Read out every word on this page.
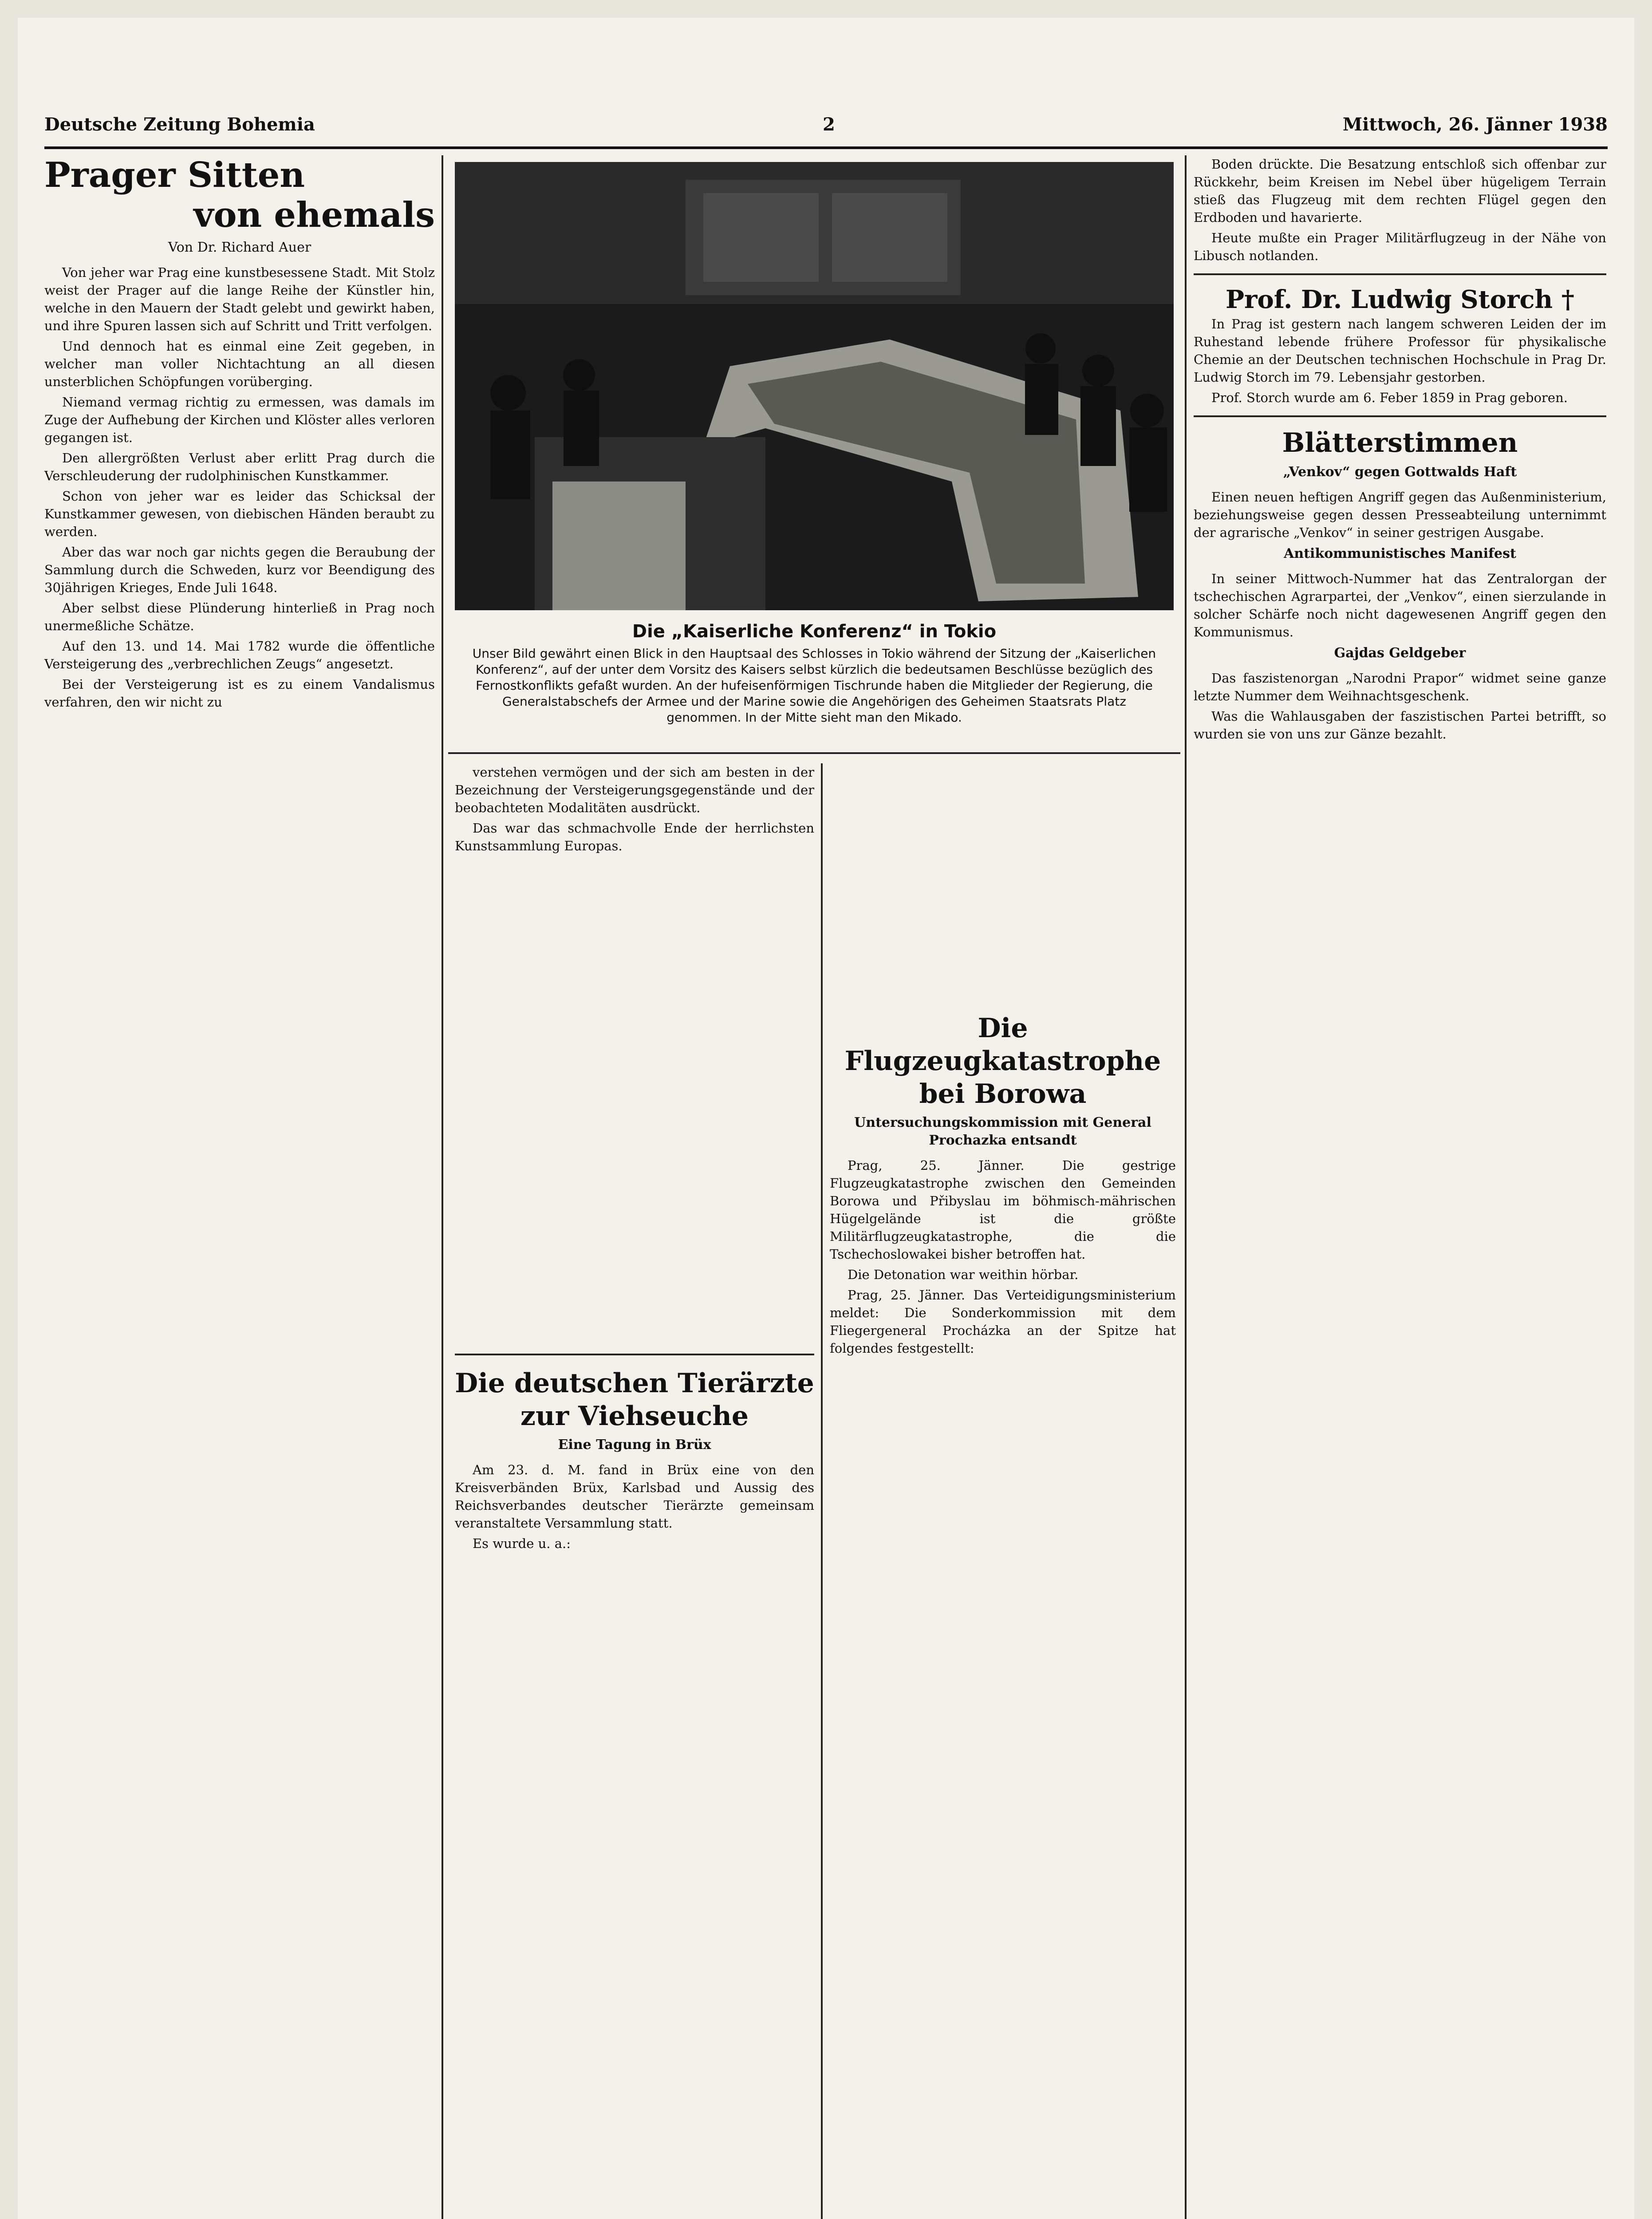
Deutsche Zeitung Bohemia	2	Mittwoch, 26. Jänner 1938
Prager Sitten
von ehemals
Von Dr. Richard Auer

Von jeher war Prag eine kunstbesessene Stadt. Mit Stolz weist der Prager auf die lange Reihe der Künstler hin, welche in den Mauern der Stadt gelebt und gewirkt haben, und ihre Spuren lassen sich auf Schritt und Tritt verfolgen.

Und dennoch hat es einmal eine Zeit gegeben, in welcher man voller Nichtachtung an all diesen unsterblichen Schöpfungen vorüberging.

Niemand vermag richtig zu ermessen, was damals im Zuge der Aufhebung der Kirchen und Klöster alles verloren gegangen ist.

Den allergrößten Verlust aber erlitt Prag durch die Verschleuderung der rudolphinischen Kunstkammer.

Schon von jeher war es leider das Schicksal der Kunstkammer gewesen, von diebischen Händen beraubt zu werden.

Aber das war noch gar nichts gegen die Beraubung der Sammlung durch die Schweden, kurz vor Beendigung des 30jährigen Krieges, Ende Juli 1648.

Aber selbst diese Plünderung hinterließ in Prag noch unermeßliche Schätze.

Auf den 13. und 14. Mai 1782 wurde die öffentliche Versteigerung des „verbrechlichen Zeugs“ angesetzt.

Bei der Versteigerung ist es zu einem Vandalismus verfahren, den wir nicht zu

Die „Kaiserliche Konferenz“ in Tokio
Unser Bild gewährt einen Blick in den Hauptsaal des Schlosses in Tokio während der Sitzung der „Kaiserlichen Konferenz“, auf der unter dem Vorsitz des Kaisers selbst kürzlich die bedeutsamen Beschlüsse bezüglich des Fernostkonflikts gefaßt wurden. An der hufeisenförmigen Tischrunde haben die Mitglieder der Regierung, die Generalstabschefs der Armee und der Marine sowie die Angehörigen des Geheimen Staatsrats Platz genommen. In der Mitte sieht man den Mikado.

verstehen vermögen und der sich am besten in der Bezeichnung der Versteigerungsgegenstände und der beobachteten Modalitäten ausdrückt.

Das war das schmachvolle Ende der herrlichsten Kunstsammlung Europas.

Die deutschen Tierärzte
zur Viehseuche
Eine Tagung in Brüx

Am 23. d. M. fand in Brüx eine von den Kreisverbänden Brüx, Karlsbad und Aussig des Reichsverbandes deutscher Tierärzte gemeinsam veranstaltete Versammlung statt.

Es wurde u. a.:

Die Flugzeugkatastrophe
bei Borowa
Untersuchungskommission mit General Prochazka entsandt

Prag, 25. Jänner. Die gestrige Flugzeugkatastrophe zwischen den Gemeinden Borowa und Přibyslau im böhmisch-mährischen Hügelgelände ist die größte Militärflugzeugkatastrophe, die die Tschechoslowakei bisher betroffen hat.

Die Detonation war weithin hörbar.

Prag, 25. Jänner. Das Verteidigungsministerium meldet: Die Sonderkommission mit dem Fliegergeneral Procházka an der Spitze hat folgendes festgestellt:

Boden drückte. Die Besatzung entschloß sich offenbar zur Rückkehr, beim Kreisen im Nebel über hügeligem Terrain stieß das Flugzeug mit dem rechten Flügel gegen den Erdboden und havarierte.

Heute mußte ein Prager Militärflugzeug in der Nähe von Libusch notlanden.

Prof. Dr. Ludwig Storch †

In Prag ist gestern nach langem schweren Leiden der im Ruhestand lebende frühere Professor für physikalische Chemie an der Deutschen technischen Hochschule in Prag Dr. Ludwig Storch im 79. Lebensjahr gestorben.

Prof. Storch wurde am 6. Feber 1859 in Prag geboren.

Blätterstimmen
„Venkov“ gegen Gottwalds Haft

Einen neuen heftigen Angriff gegen das Außenministerium, beziehungsweise gegen dessen Presseabteilung unternimmt der agrarische „Venkov“ in seiner gestrigen Ausgabe.

Antikommunistisches Manifest

In seiner Mittwoch-Nummer hat das Zentralorgan der tschechischen Agrarpartei, der „Venkov“, einen sierzulande in solcher Schärfe noch nicht dagewesenen Angriff gegen den Kommunismus.

Gajdas Geldgeber

Das faszistenorgan „Narodni Prapor“ widmet seine ganze letzte Nummer dem Weihnachtsgeschenk.

Was die Wahlausgaben der faszistischen Partei betrifft, so wurden sie von uns zur Gänze bezahlt.
